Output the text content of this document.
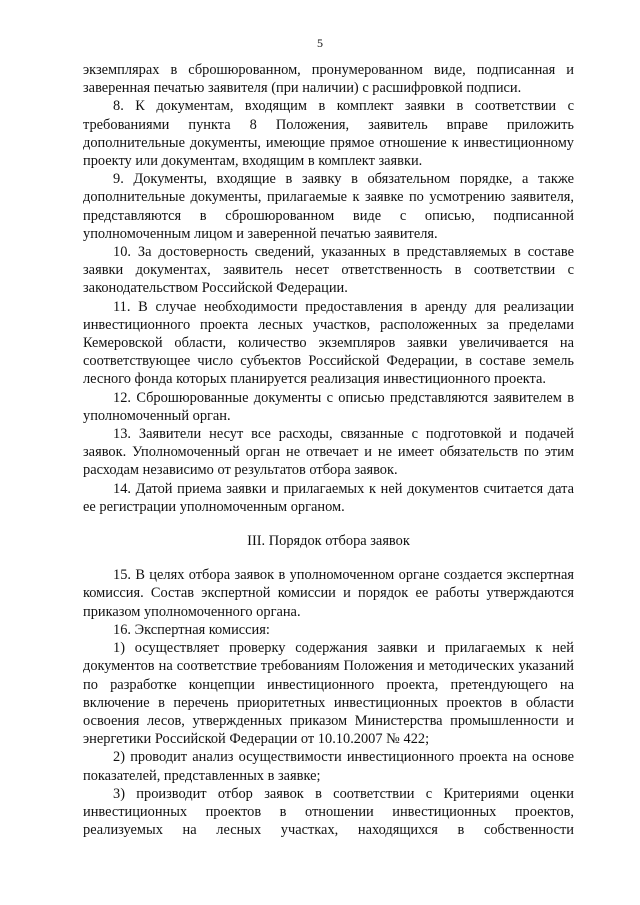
5

экземплярах в сброшюрованном, пронумерованном виде, подписанная и заверенная печатью заявителя (при наличии) с расшифровкой подписи.

8. К документам, входящим в комплект заявки в соответствии с требованиями пункта 8 Положения, заявитель вправе приложить дополнительные документы, имеющие прямое отношение к инвестиционному проекту или документам, входящим в комплект заявки.

9. Документы, входящие в заявку в обязательном порядке, а также дополнительные документы, прилагаемые к заявке по усмотрению заявителя, представляются в сброшюрованном виде с описью, подписанной уполномоченным лицом и заверенной печатью заявителя.

10. За достоверность сведений, указанных в представляемых в составе заявки документах, заявитель несет ответственность в соответствии с законодательством Российской Федерации.

11. В случае необходимости предоставления в аренду для реализации инвестиционного проекта лесных участков, расположенных за пределами Кемеровской области, количество экземпляров заявки увеличивается на соответствующее число субъектов Российской Федерации, в составе земель лесного фонда которых планируется реализация инвестиционного проекта.

12. Сброшюрованные документы с описью представляются заявителем в уполномоченный орган.

13. Заявители несут все расходы, связанные с подготовкой и подачей заявок. Уполномоченный орган не отвечает и не имеет обязательств по этим расходам независимо от результатов отбора заявок.

14. Датой приема заявки и прилагаемых к ней документов считается дата ее регистрации уполномоченным органом.

III. Порядок отбора заявок

15. В целях отбора заявок в уполномоченном органе создается экспертная комиссия. Состав экспертной комиссии и порядок ее работы утверждаются приказом уполномоченного органа.

16. Экспертная комиссия:

1) осуществляет проверку содержания заявки и прилагаемых к ней документов на соответствие требованиям Положения и методических указаний по разработке концепции инвестиционного проекта, претендующего на включение в перечень приоритетных инвестиционных проектов в области освоения лесов, утвержденных приказом Министерства промышленности и энергетики Российской Федерации от 10.10.2007 № 422;

2) проводит анализ осуществимости инвестиционного проекта на основе показателей, представленных в заявке;

3) производит отбор заявок в соответствии с Критериями оценки инвестиционных проектов в отношении инвестиционных проектов, реализуемых на лесных участках, находящихся в собственности
